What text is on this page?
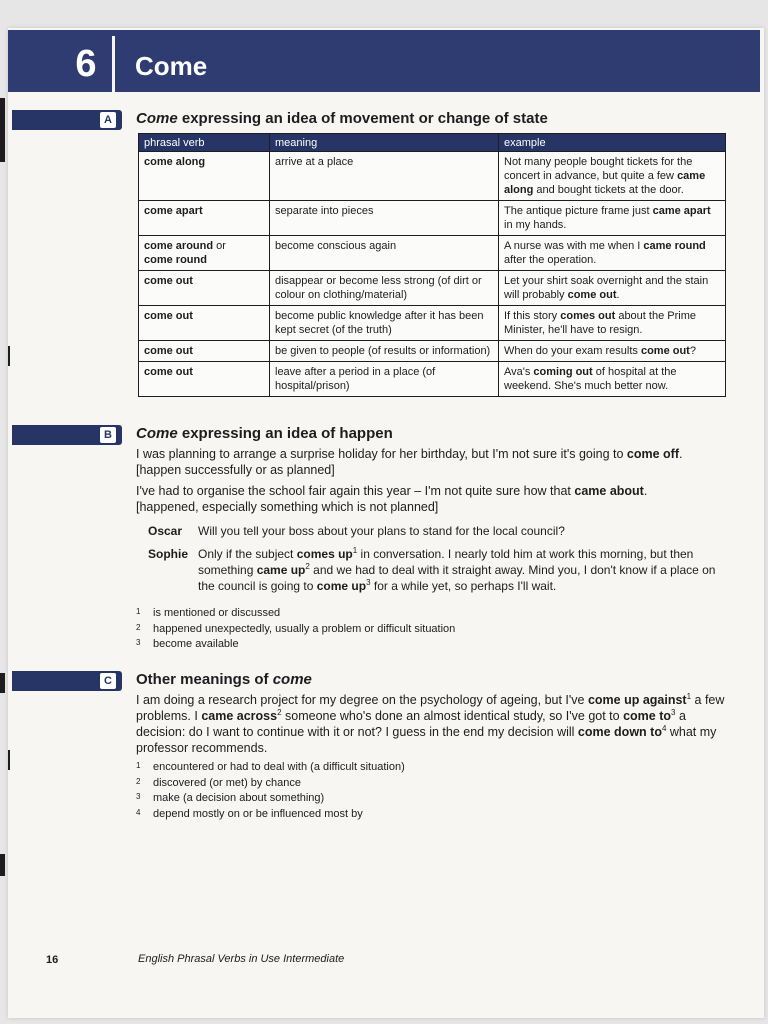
6	Come
A Come expressing an idea of movement or change of state
phrasal verb	meaning	example
come along	arrive at a place	Not many people bought tickets for the concert in advance, but quite a few came along and bought tickets at the door.
come apart	separate into pieces	The antique picture frame just came apart in my hands.
come around or
come round	become conscious again	A nurse was with me when I came round after the operation.
come out	disappear or become less strong (of dirt or colour on clothing/material)	Let your shirt soak overnight and the stain will probably come out.
come out	become public knowledge after it has been kept secret (of the truth)	If this story comes out about the Prime Minister, he'll have to resign.
come out	be given to people (of results or information)	When do your exam results come out?
come out	leave after a period in a place (of hospital/prison)	Ava's coming out of hospital at the weekend. She's much better now.
B Come expressing an idea of happen
I was planning to arrange a surprise holiday for her birthday, but I'm not sure it's going to come off.
[happen successfully or as planned]
I've had to organise the school fair again this year – I'm not quite sure how that came about.
[happened, especially something which is not planned]
Oscar Will you tell your boss about your plans to stand for the local council?
Sophie Only if the subject comes $up^1$ in conversation. I nearly told him at work this morning, but then something came $up^2$ and we had to deal with it straight away. Mind you, I don't know if a place on the council is going to come $up^3$ for a while yet, so perhaps I'll wait.
1 is mentioned or discussed
2 happened unexpectedly, usually a problem or difficult situation
3 become available
C Other meanings of come
I am doing a research project for my degree on the psychology of ageing, but I've come up against$^1$ a few problems. I came across$^2$ someone who's done an almost identical study, so I've got to come $to^3$ a decision: do I want to continue with it or not? I guess in the end my decision will come down $to^4$ what my professor recommends.
1 encountered or had to deal with (a difficult situation)
2 discovered (or met) by chance
3 make (a decision about something)
4 depend mostly on or be influenced most by
16	English Phrasal Verbs in Use Intermediate
